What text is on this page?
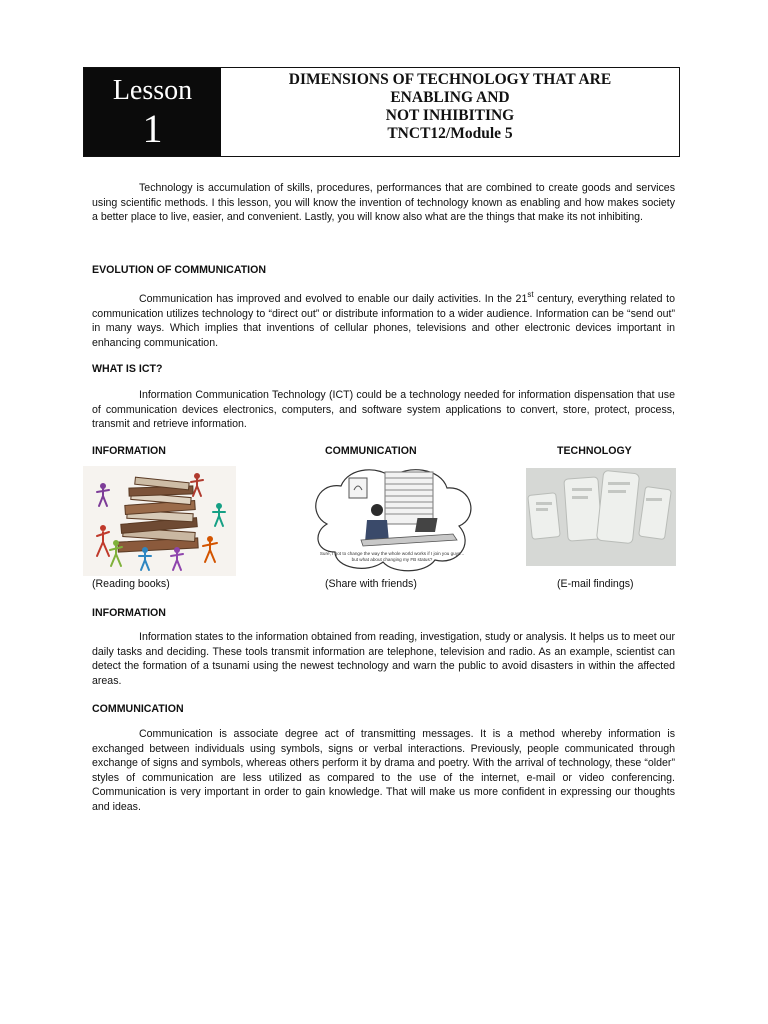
Lesson
1
DIMENSIONS OF TECHNOLOGY THAT ARE
ENABLING AND
NOT INHIBITING
TNCT12/Module 5

Technology is accumulation of skills, procedures, performances that are combined to create goods and services using scientific methods. I this lesson, you will know the invention of technology known as enabling and how makes society a better place to live, easier, and convenient. Lastly, you will know also what are the things that make its not inhibiting.

EVOLUTION OF COMMUNICATION

Communication has improved and evolved to enable our daily activities. In the 21st century, everything related to communication utilizes technology to “direct out” or distribute information to a wider audience. Information can be “send out” in many ways. Which implies that inventions of cellular phones, televisions and other electronic devices important in enhancing communication.

WHAT IS ICT?

Information Communication Technology (ICT) could be a technology needed for information dispensation that use of communication devices electronics, computers, and software system applications to convert, store, protect, process, transmit and retrieve information.

INFORMATION	COMMUNICATION	TECHNOLOGY
Sure, I got to change the way the whole world works if I join you guys... but what about changing my FB status?
(Reading books)	(Share with friends)	(E-mail findings)
INFORMATION

Information states to the information obtained from reading, investigation, study or analysis. It helps us to meet our daily tasks and deciding. These tools transmit information are telephone, television and radio. As an example, scientist can detect the formation of a tsunami using the newest technology and warn the public to avoid disasters in within the affected areas.

COMMUNICATION

Communication is associate degree act of transmitting messages. It is a method whereby information is exchanged between individuals using symbols, signs or verbal interactions. Previously, people communicated through exchange of signs and symbols, whereas others perform it by drama and poetry. With the arrival of technology, these “older” styles of communication are less utilized as compared to the use of the internet, e-mail or video conferencing. Communication is very important in order to gain knowledge. That will make us more confident in expressing our thoughts and ideas.
